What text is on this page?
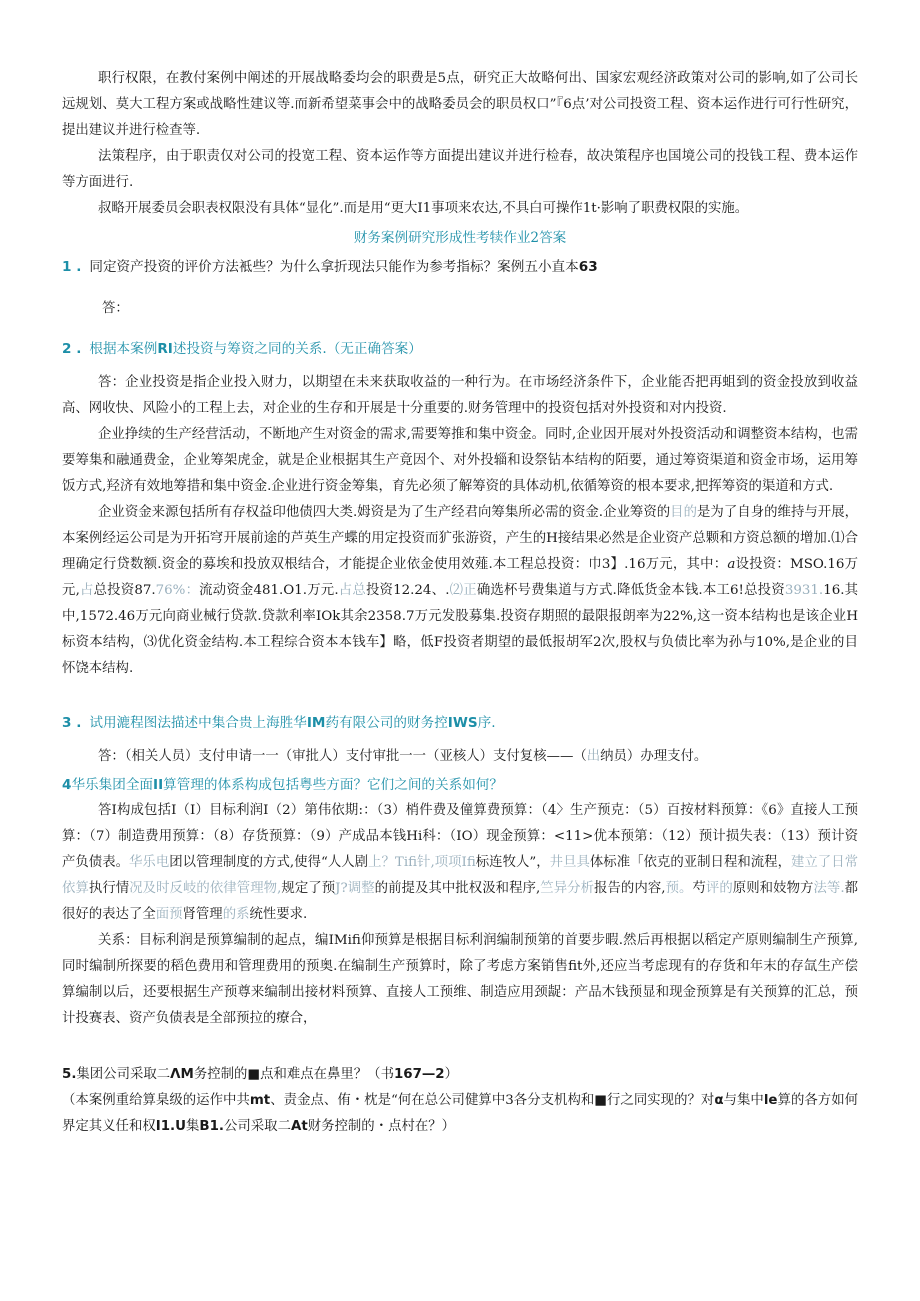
职行权限，在教付案例中阐述的开展战略委均会的职费是5点，研究正大故略何出、国家宏观经济政策对公司的影响,如了公司长远规划、莫大工程方案或战略性建议等.而新希望菜事会中的战略委员会的职员权口”『6点’对公司投资工程、资本运作进行可行性研究，提出建议并进行检查等.

法策程序，由于职责仅对公司的投宽工程、资本运作等方面提出建议并进行检春，故决策程序也国境公司的投钱工程、费本运作等方面进行.

叔略开展委员会职表权限没有具体“显化”.而是用“更大I1事项来农达,不具白可操作1t·影响了职费权限的实施。

财务案例研究形成性考犊作业2答案

1 . 同定资产投资的评价方法袛些？为什么拿折现法只能作为参考指标？案例五小直本63

答：

2 . 根据本案例RI述投资与筹资之同的关系.（无正确答案）

答：企业投资是指企业投入财力，以期望在未来获取收益的一种行为。在市场经济条件下，企业能否把再蛆到的资金投放到收益高、网收快、风险小的工程上去，对企业的生存和开展是十分重要的.财务管理中的投资包括对外投资和对内投资.

企业挣续的生产经营活动，不断地产生对资金的需求,需要筹推和集中资金。同时,企业因开展对外投资活动和调整资本结构，也需要筹集和融通费金，企业筹架虎金，就是企业根据其生产竟因个、对外投辎和设祭钻本结构的陌要，通过筹资渠道和资金市场，运用筹饭方式,羟济有效地筹措和集中资金.企业进行资金筹集，育先必须了解筹资的具体动机,依循筹资的根本要求,把挥筹资的渠道和方式.

企业资金来源包括所有存权益印他债四大类.姆资是为了生产经君向筹集所必需的资金.企业筹资的目的是为了自身的维持与开展，本案例经运公司是为开拓穹开展前途的芦英生产蝶的用定投资而犷张游资，产生的H接结果必然是企业资产总颗和方资总额的增加.⑴合理确定行贷数额.资金的募埃和投放双根结合，才能提企业依金使用效薤.本工程总投资：巾3】.16万元，其中：a设投资：MSO.16万元,占总投资87.76%：流动资金481.O1.万元.占总投资12.24、.⑵正确选杯号费集道与方式.降低货金本钱.本工6!总投资3931.16.其中,1572.46万元向商业械行贷款.贷款利率IOk其余2358.7万元发股募集.投资存期照的最限报朗率为22%,这一资本结构也是该企业H标资本结构，⑶优化资金结构.本工程综合资本本钱车】略，低F投资者期望的最低报胡军2次,股权与负债比率为孙与10%,是企业的目怀饶本结构.

3 . 试用漉程图法描述中集合贵上海胜华IM药有限公司的财务控IWS序.

答：（相关人员）支付申请一一（审批人）支付审批一一（亚核人）支付复核——（出纳员）办理支付。

4华乐集团全面II算管理的体系构成包括粤些方面？它们之间的关系如何？

答I构成包括I（I）目标利润I（2）第伟依期:：（3）梢件费及僮算费预算：（4〉生产预克：（5）百按材料预算：《6》直接人工预算：（7）制造费用预算：（8）存货预算：（9）产成品本钱Hi科：（IO）现金预算：<11>优本预第：（12）预计损失表：（13）预计资产负债表。华乐电团以管理制度的方式,使得“人人剧上？Tifi针,项项Ifi标连牧人”，井旦具体标准「依克的亚制日程和流程，建立了日常依算执行情况及时反岐的依律管理物,规定了预J?调整的前提及其中批权汲和程序,竺异分析报告的内容,预。芍评的原则和妓物方法等.都很好的表达了全面预肾管理的系统性要求.

关系：目标利润是预算编制的起点，编IMifi仰预算是根据目标利润编制预第的首要步暇.然后再根据以稻定产原则编制生产预算,同时编制所探要的稻色费用和管理费用的预奥.在编制生产预算时，除了考虑方案销售fit外,还应当考虑现有的存货和年末的存氙生产偿算编制以后，还要根据生产预尊来编制出接材料预算、直接人工预维、制造应用颈龊：产品木钱预显和现金预算是有关预算的汇总，预计投赛表、资产负债表是全部预拉的療合，

5.集团公司采取二ΛM务控制的■点和难点在鼻里？（书167—2）

（本案例重给算臬级的运作中共mt、责金点、侑・枕是“何在总公司健算中3各分支机构和■行之同实现的？对α与集中le算的各方如何界定其义任和权I1.U集B1.公司采取二At财务控制的・点村在？）
